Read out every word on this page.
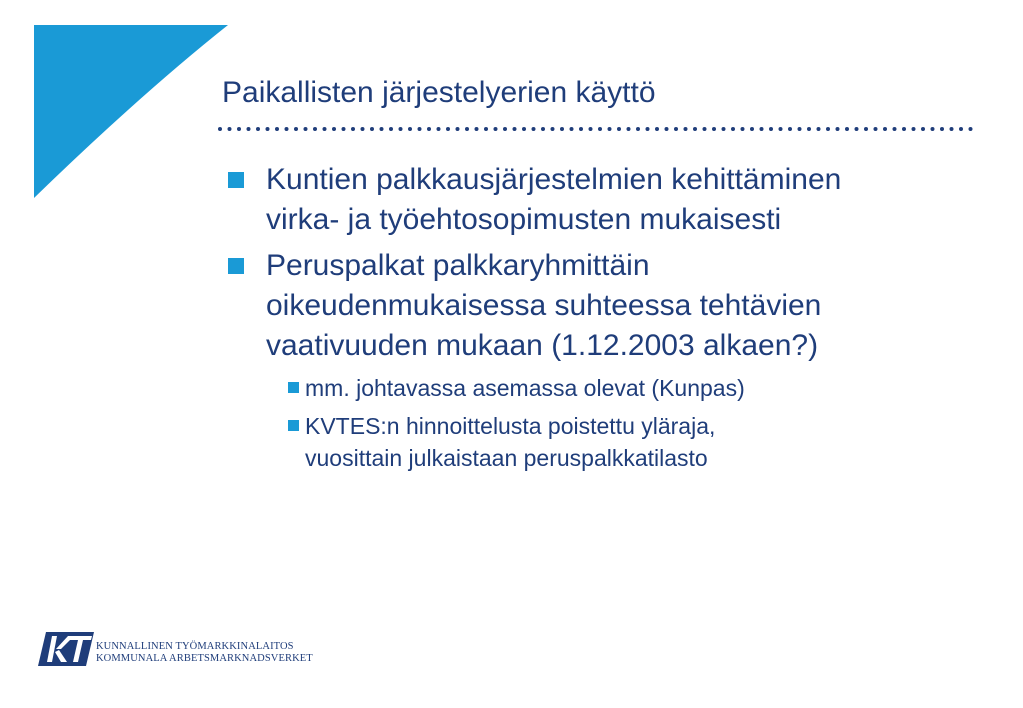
Paikallisten järjestelyerien käyttö
Kuntien palkkausjärjestelmien kehittäminen
virka- ja työehtosopimusten mukaisesti
Peruspalkat palkkaryhmittäin
oikeudenmukaisessa suhteessa tehtävien
vaativuuden mukaan (1.12.2003 alkaen?)
mm. johtavassa asemassa olevat (Kunpas)
KVTES:n hinnoittelusta poistettu yläraja,
vuosittain julkaistaan peruspalkkatilasto
KUNNALLINEN TYÖMARKKINALAITOS
KOMMUNALA ARBETSMARKNADSVERKET
